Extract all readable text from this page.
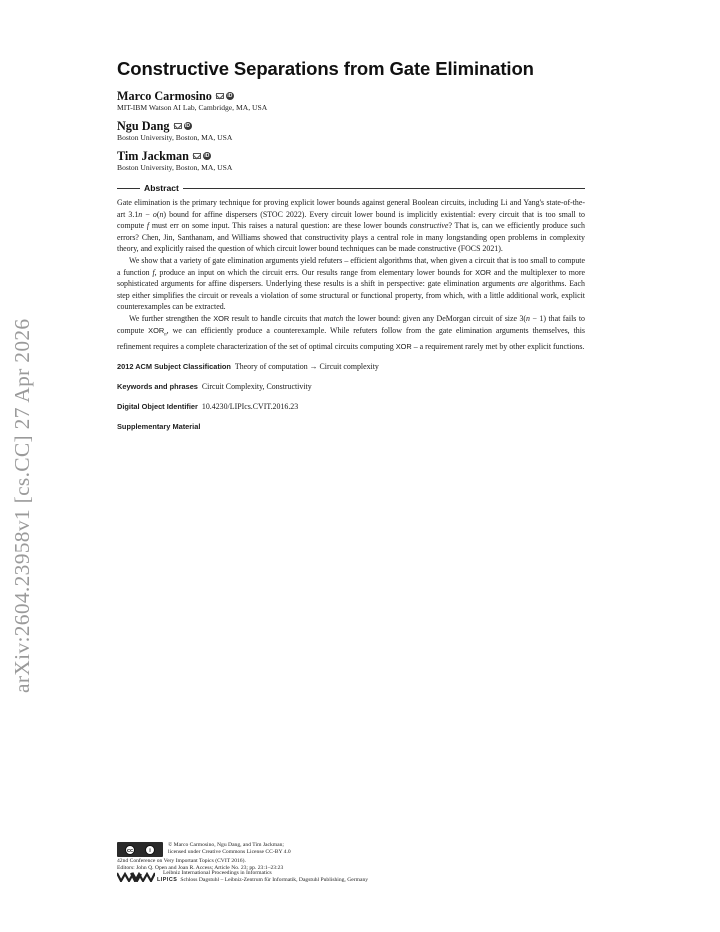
arXiv:2604.23958v1 [cs.CC] 27 Apr 2026
Constructive Separations from Gate Elimination
Marco Carmosino	iD
MIT-IBM Watson AI Lab, Cambridge, MA, USA
Ngu Dang	iD
Boston University, Boston, MA, USA
Tim Jackman	iD
Boston University, Boston, MA, USA
Abstract

Gate elimination is the primary technique for proving explicit lower bounds against general Boolean circuits, including Li and Yang's state-of-the-art 3.1n − o(n) bound for affine dispersers (STOC 2022). Every circuit lower bound is implicitly existential: every circuit that is too small to compute f must err on some input. This raises a natural question: are these lower bounds constructive? That is, can we efficiently produce such errors? Chen, Jin, Santhanam, and Williams showed that constructivity plays a central role in many longstanding open problems in complexity theory, and explicitly raised the question of which circuit lower bound techniques can be made constructive (FOCS 2021).

We show that a variety of gate elimination arguments yield refuters – efficient algorithms that, when given a circuit that is too small to compute a function f, produce an input on which the circuit errs. Our results range from elementary lower bounds for XOR and the multiplexer to more sophisticated arguments for affine dispersers. Underlying these results is a shift in perspective: gate elimination arguments are algorithms. Each step either simplifies the circuit or reveals a violation of some structural or functional property, from which, with a little additional work, explicit counterexamples can be extracted.

We further strengthen the XOR result to handle circuits that match the lower bound: given any DeMorgan circuit of size 3(n − 1) that fails to compute $XOR_n$, we can efficiently produce a counterexample. While refuters follow from the gate elimination arguments themselves, this refinement requires a complete characterization of the set of optimal circuits computing XOR – a requirement rarely met by other explicit functions.

2012 ACM Subject Classification Theory of computation → Circuit complexity
Keywords and phrases Circuit Complexity, Constructivity
Digital Object Identifier 10.4230/LIPIcs.CVIT.2016.23
Supplementary Material
cc	i
© Marco Carmosino, Ngu Dang, and Tim Jackman;
licensed under Creative Commons License CC-BY 4.0
42nd Conference on Very Important Topics (CVIT 2016).
Editors: John Q. Open and Joan R. Access; Article No. 23; pp. 23:1–23:23
Leibniz International Proceedings in Informatics
LIPICS Schloss Dagstuhl – Leibniz-Zentrum für Informatik, Dagstuhl Publishing, Germany
